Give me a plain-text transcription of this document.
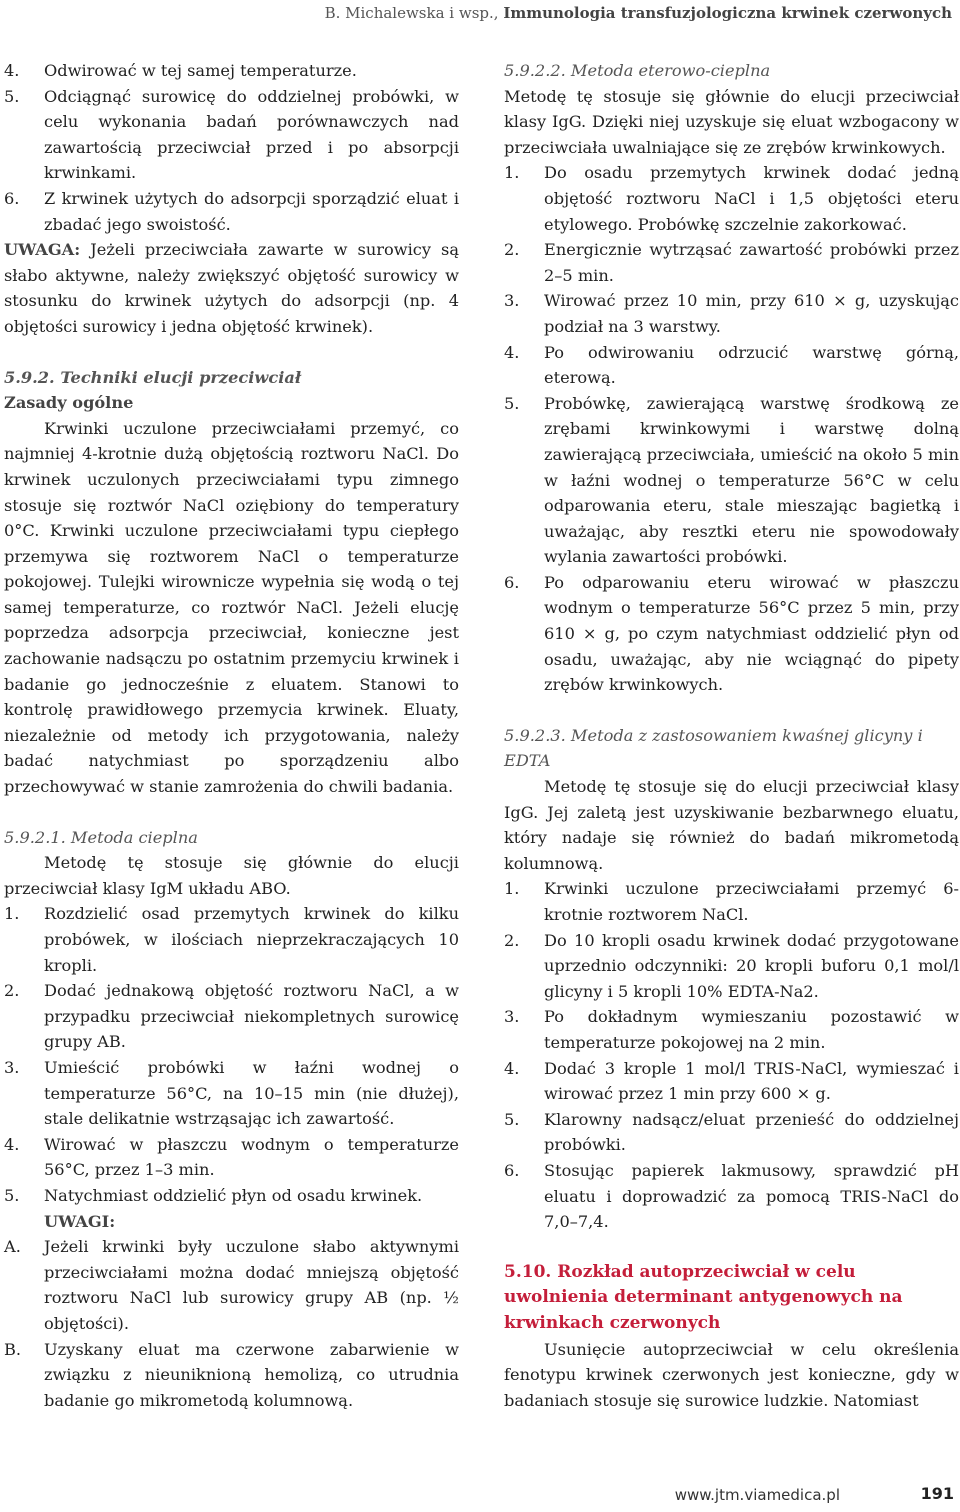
B. Michalewska i wsp., Immunologia transfuzjologiczna krwinek czerwonych
4. Odwirować w tej samej temperaturze.
5. Odciągnąć surowicę do oddzielnej probówki, w celu wykonania badań porównawczych nad zawartością przeciwciał przed i po absorpcji krwinkami.
6. Z krwinek użytych do adsorpcji sporządzić eluat i zbadać jego swoistość.

UWAGA: Jeżeli przeciwciała zawarte w surowicy są słabo aktywne, należy zwiększyć objętość surowicy w stosunku do krwinek użytych do adsorpcji (np. 4 objętości surowicy i jedna objętość krwinek).

5.9.2. Techniki elucji przeciwciał
Zasady ogólne

Krwinki uczulone przeciwciałami przemyć, co najmniej 4-krotnie dużą objętością roztworu NaCl. Do krwinek uczulonych przeciwciałami typu zimnego stosuje się roztwór NaCl oziębiony do temperatury 0°C. Krwinki uczulone przeciwciałami typu ciepłego przemywa się roztworem NaCl o temperaturze pokojowej. Tulejki wirownicze wypełnia się wodą o tej samej temperaturze, co roztwór NaCl. Jeżeli elucję poprzedza adsorpcja przeciwciał, konieczne jest zachowanie nadsączu po ostatnim przemyciu krwinek i badanie go jednocześnie z eluatem. Stanowi to kontrolę prawidłowego przemycia krwinek. Eluaty, niezależnie od metody ich przygotowania, należy badać natychmiast po sporządzeniu albo przechowywać w stanie zamrożenia do chwili badania.

5.9.2.1. Metoda cieplna

Metodę tę stosuje się głównie do elucji przeciwciał klasy IgM układu ABO.

1. Rozdzielić osad przemytych krwinek do kilku probówek, w ilościach nieprzekraczających 10 kropli.
2. Dodać jednakową objętość roztworu NaCl, a w przypadku przeciwciał niekompletnych surowicę grupy AB.
3. Umieścić probówki w łaźni wodnej o temperaturze 56°C, na 10–15 min (nie dłużej), stale delikatnie wstrząsając ich zawartość.
4. Wirować w płaszczu wodnym o temperaturze 56°C, przez 1–3 min.
5. Natychmiast oddzielić płyn od osadu krwinek.
UWAGI:
A. Jeżeli krwinki były uczulone słabo aktywnymi przeciwciałami można dodać mniejszą objętość roztworu NaCl lub surowicy grupy AB (np. ½ objętości).
B. Uzyskany eluat ma czerwone zabarwienie w związku z nieuniknioną hemolizą, co utrudnia badanie go mikrometodą kolumnową.
5.9.2.2. Metoda eterowo-cieplna

Metodę tę stosuje się głównie do elucji przeciwciał klasy IgG. Dzięki niej uzyskuje się eluat wzbogacony w przeciwciała uwalniające się ze zrębów krwinkowych.

1. Do osadu przemytych krwinek dodać jedną objętość roztworu NaCl i 1,5 objętości eteru etylowego. Probówkę szczelnie zakorkować.
2. Energicznie wytrząsać zawartość probówki przez 2–5 min.
3. Wirować przez 10 min, przy 610 × g, uzyskując podział na 3 warstwy.
4. Po odwirowaniu odrzucić warstwę górną, eterową.
5. Probówkę, zawierającą warstwę środkową ze zrębami krwinkowymi i warstwę dolną zawierającą przeciwciała, umieścić na około 5 min w łaźni wodnej o temperaturze 56°C w celu odparowania eteru, stale mieszając bagietką i uważając, aby resztki eteru nie spowodowały wylania zawartości probówki.
6. Po odparowaniu eteru wirować w płaszczu wodnym o temperaturze 56°C przez 5 min, przy 610 × g, po czym natychmiast oddzielić płyn od osadu, uważając, aby nie wciągnąć do pipety zrębów krwinkowych.
5.9.2.3. Metoda z zastosowaniem kwaśnej glicyny i EDTA

Metodę tę stosuje się do elucji przeciwciał klasy IgG. Jej zaletą jest uzyskiwanie bezbarwnego eluatu, który nadaje się również do badań mikrometodą kolumnową.

1. Krwinki uczulone przeciwciałami przemyć 6-krotnie roztworem NaCl.
2. Do 10 kropli osadu krwinek dodać przygotowane uprzednio odczynniki: 20 kropli buforu 0,1 mol/l glicyny i 5 kropli 10% EDTA-Na2.
3. Po dokładnym wymieszaniu pozostawić w temperaturze pokojowej na 2 min.
4. Dodać 3 krople 1 mol/l TRIS-NaCl, wymieszać i wirować przez 1 min przy 600 × g.
5. Klarowny nadsącz/eluat przenieść do oddzielnej probówki.
6. Stosując papierek lakmusowy, sprawdzić pH eluatu i doprowadzić za pomocą TRIS-NaCl do 7,0–7,4.
5.10. Rozkład autoprzeciwciał w celu uwolnienia determinant antygenowych na krwinkach czerwonych

Usunięcie autoprzeciwciał w celu określenia fenotypu krwinek czerwonych jest konieczne, gdy w badaniach stosuje się surowice ludzkie. Natomiast

www.jtm.viamedica.pl	191
